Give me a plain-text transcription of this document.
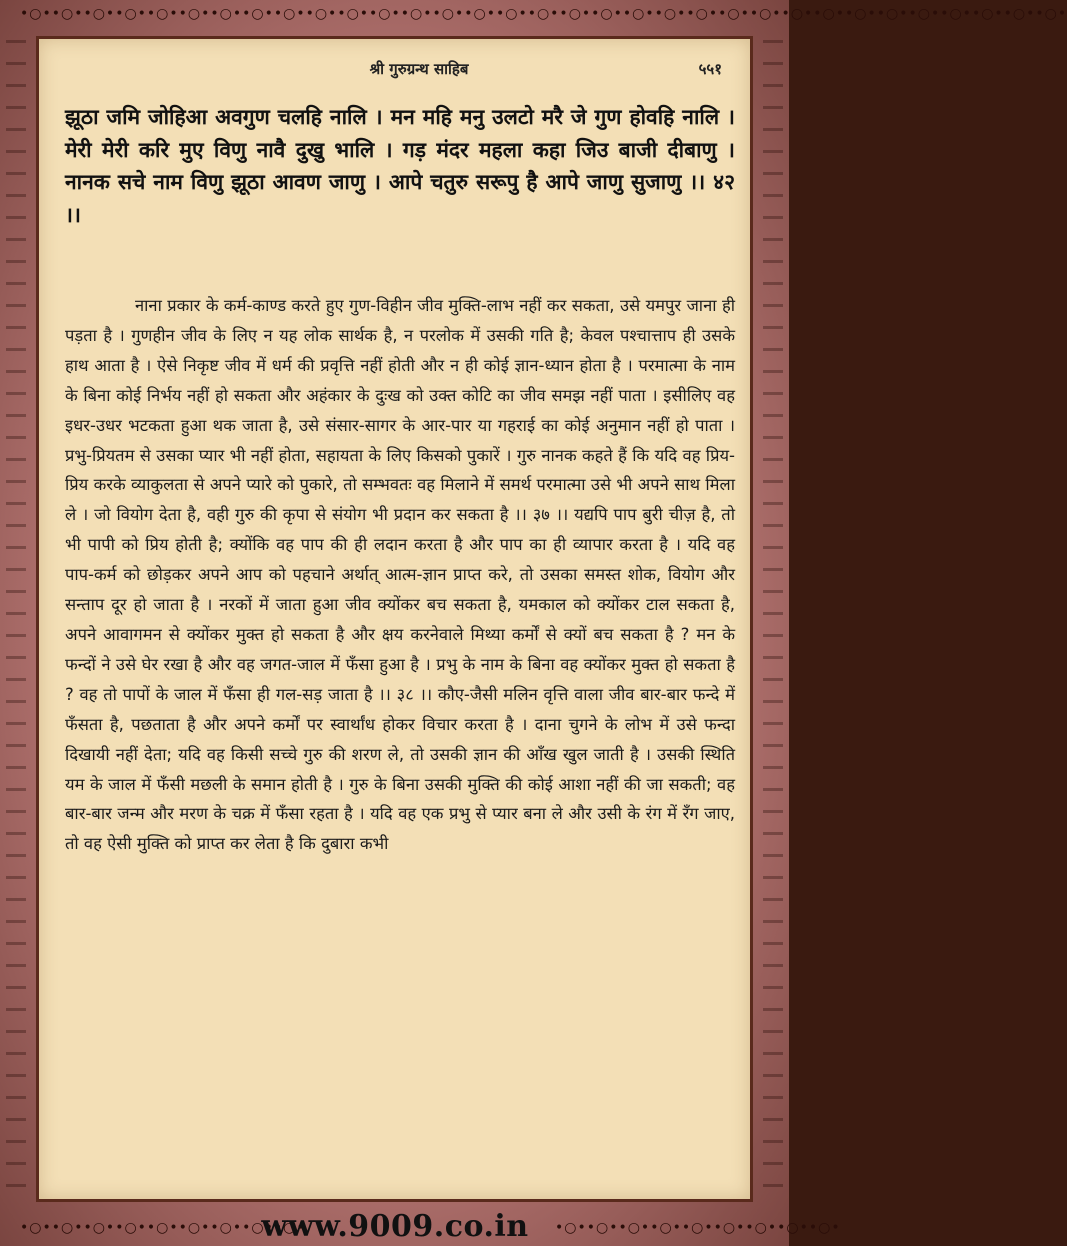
•○••○••○••○••○••○••○••○••○••○••○••○••○••○••○••○••○••○••○••○••○••○••○••○••○••○••○••○••○••○••○••○••○•
•○••○••○••○••○••○••○••○••○•	•○••○••○••○••○••○••○••○••○•
श्री गुरुग्रन्थ साहिब	५५१
झूठा जमि जोहिआ अवगुण चलहि नालि । मन महि मनु उलटो मरै जे गुण होवहि नालि । मेरी मेरी करि मुए विणु नावै दुखु भालि । गड़ मंदर महला कहा जिउ बाजी दीबाणु । नानक सचे नाम विणु झूठा आवण जाणु । आपे चतुरु सरूपु है आपे जाणु सुजाणु ।। ४२ ।।

नाना प्रकार के कर्म-काण्ड करते हुए गुण-विहीन जीव मुक्ति-लाभ नहीं कर सकता, उसे यमपुर जाना ही पड़ता है । गुणहीन जीव के लिए न यह लोक सार्थक है, न परलोक में उसकी गति है; केवल पश्चात्ताप ही उसके हाथ आता है । ऐसे निकृष्ट जीव में धर्म की प्रवृत्ति नहीं होती और न ही कोई ज्ञान-ध्यान होता है । परमात्मा के नाम के बिना कोई निर्भय नहीं हो सकता और अहंकार के दुःख को उक्त कोटि का जीव समझ नहीं पाता । इसीलिए वह इधर-उधर भटकता हुआ थक जाता है, उसे संसार-सागर के आर-पार या गहराई का कोई अनुमान नहीं हो पाता । प्रभु-प्रियतम से उसका प्यार भी नहीं होता, सहायता के लिए किसको पुकारें । गुरु नानक कहते हैं कि यदि वह प्रिय-प्रिय करके व्याकुलता से अपने प्यारे को पुकारे, तो सम्भवतः वह मिलाने में समर्थ परमात्मा उसे भी अपने साथ मिला ले । जो वियोग देता है, वही गुरु की कृपा से संयोग भी प्रदान कर सकता है ।। ३७ ।। यद्यपि पाप बुरी चीज़ है, तो भी पापी को प्रिय होती है; क्योंकि वह पाप की ही लदान करता है और पाप का ही व्यापार करता है । यदि वह पाप-कर्म को छोड़कर अपने आप को पहचाने अर्थात् आत्म-ज्ञान प्राप्त करे, तो उसका समस्त शोक, वियोग और सन्ताप दूर हो जाता है । नरकों में जाता हुआ जीव क्योंकर बच सकता है, यमकाल को क्योंकर टाल सकता है, अपने आवागमन से क्योंकर मुक्त हो सकता है और क्षय करनेवाले मिथ्या कर्मों से क्यों बच सकता है ? मन के फन्दों ने उसे घेर रखा है और वह जगत-जाल में फँसा हुआ है । प्रभु के नाम के बिना वह क्योंकर मुक्त हो सकता है ? वह तो पापों के जाल में फँसा ही गल-सड़ जाता है ।। ३८ ।। कौए-जैसी मलिन वृत्ति वाला जीव बार-बार फन्दे में फँसता है, पछताता है और अपने कर्मों पर स्वार्थांध होकर विचार करता है । दाना चुगने के लोभ में उसे फन्दा दिखायी नहीं देता; यदि वह किसी सच्चे गुरु की शरण ले, तो उसकी ज्ञान की आँख खुल जाती है । उसकी स्थिति यम के जाल में फँसी मछली के समान होती है । गुरु के बिना उसकी मुक्ति की कोई आशा नहीं की जा सकती; वह बार-बार जन्म और मरण के चक्र में फँसा रहता है । यदि वह एक प्रभु से प्यार बना ले और उसी के रंग में रँग जाए, तो वह ऐसी मुक्ति को प्राप्त कर लेता है कि दुबारा कभी

www.9009.co.in
